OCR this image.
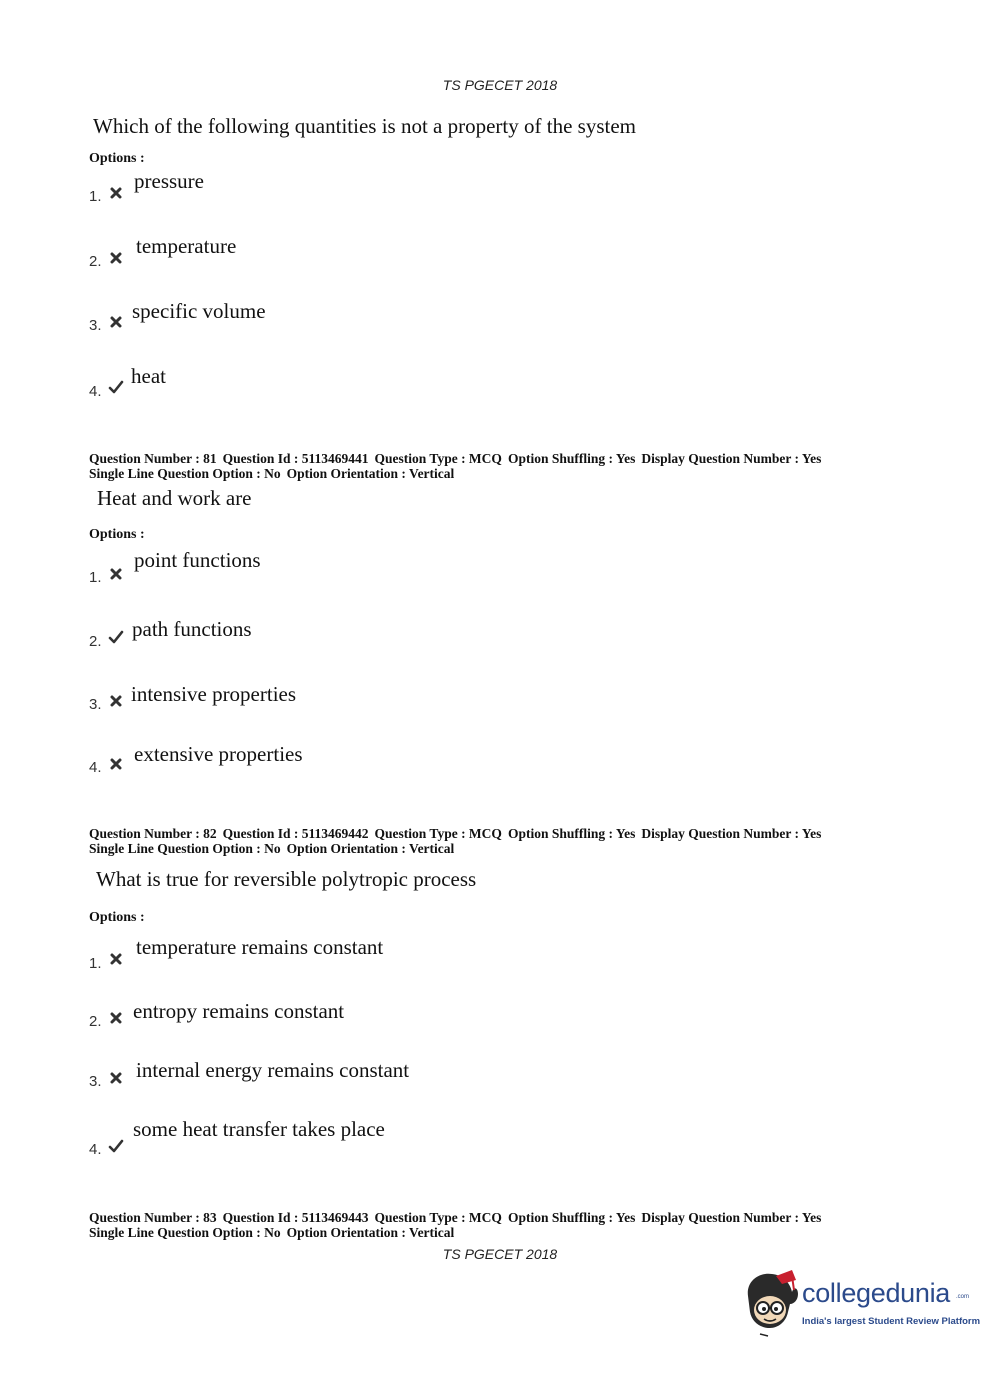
TS PGECET 2018
Which of the following quantities is not a property of the system
Options :
1.
pressure
2.
temperature
3.
specific volume
4.
heat
Question Number : 81 Question Id : 5113469441 Question Type : MCQ Option Shuffling : Yes Display Question Number : Yes
Single Line Question Option : No Option Orientation : Vertical
Heat and work are
Options :
1.
point functions
2.
path functions
3. intensive properties
4.
extensive properties
Question Number : 82 Question Id : 5113469442 Question Type : MCQ Option Shuffling : Yes Display Question Number : Yes
Single Line Question Option : No Option Orientation : Vertical
What is true for reversible polytropic process
Options :
1.
temperature remains constant
2. entropy remains constant
3. internal energy remains constant
4.
some heat transfer takes place
Question Number : 83 Question Id : 5113469443 Question Type : MCQ Option Shuffling : Yes Display Question Number : Yes
Single Line Question Option : No Option Orientation : Vertical
TS PGECET 2018
collegedunia .com
India's largest Student Review Platform
